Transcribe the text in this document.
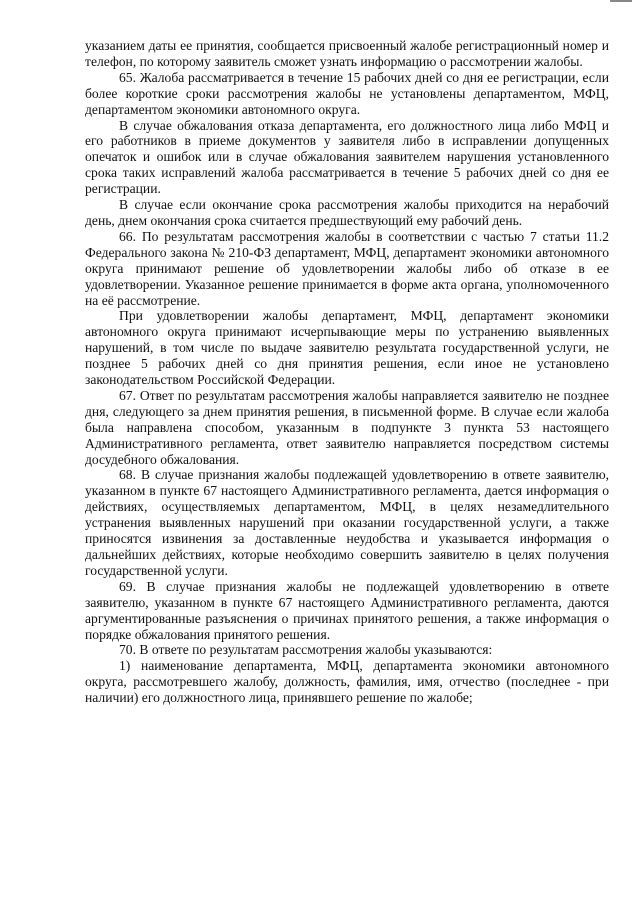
указанием даты ее принятия, сообщается присвоенный жалобе регистрационный номер и телефон, по которому заявитель сможет узнать информацию о рассмотрении жалобы.

65. Жалоба рассматривается в течение 15 рабочих дней со дня ее регистрации, если более короткие сроки рассмотрения жалобы не установлены департаментом, МФЦ, департаментом экономики автономного округа.

В случае обжалования отказа департамента, его должностного лица либо МФЦ и его работников в приеме документов у заявителя либо в исправлении допущенных опечаток и ошибок или в случае обжалования заявителем нарушения установленного срока таких исправлений жалоба рассматривается в течение 5 рабочих дней со дня ее регистрации.

В случае если окончание срока рассмотрения жалобы приходится на нерабочий день, днем окончания срока считается предшествующий ему рабочий день.

66. По результатам рассмотрения жалобы в соответствии с частью 7 статьи 11.2 Федерального закона № 210-ФЗ департамент, МФЦ, департамент экономики автономного округа принимают решение об удовлетворении жалобы либо об отказе в ее удовлетворении. Указанное решение принимается в форме акта органа, уполномоченного на её рассмотрение.

При удовлетворении жалобы департамент, МФЦ, департамент экономики автономного округа принимают исчерпывающие меры по устранению выявленных нарушений, в том числе по выдаче заявителю результата государственной услуги, не позднее 5 рабочих дней со дня принятия решения, если иное не установлено законодательством Российской Федерации.

67. Ответ по результатам рассмотрения жалобы направляется заявителю не позднее дня, следующего за днем принятия решения, в письменной форме. В случае если жалоба была направлена способом, указанным в подпункте 3 пункта 53 настоящего Административного регламента, ответ заявителю направляется посредством системы досудебного обжалования.

68. В случае признания жалобы подлежащей удовлетворению в ответе заявителю, указанном в пункте 67 настоящего Административного регламента, дается информация о действиях, осуществляемых департаментом, МФЦ, в целях незамедлительного устранения выявленных нарушений при оказании государственной услуги, а также приносятся извинения за доставленные неудобства и указывается информация о дальнейших действиях, которые необходимо совершить заявителю в целях получения государственной услуги.

69. В случае признания жалобы не подлежащей удовлетворению в ответе заявителю, указанном в пункте 67 настоящего Административного регламента, даются аргументированные разъяснения о причинах принятого решения, а также информация о порядке обжалования принятого решения.

70. В ответе по результатам рассмотрения жалобы указываются:

1) наименование департамента, МФЦ, департамента экономики автономного округа, рассмотревшего жалобу, должность, фамилия, имя, отчество (последнее - при наличии) его должностного лица, принявшего решение по жалобе;
